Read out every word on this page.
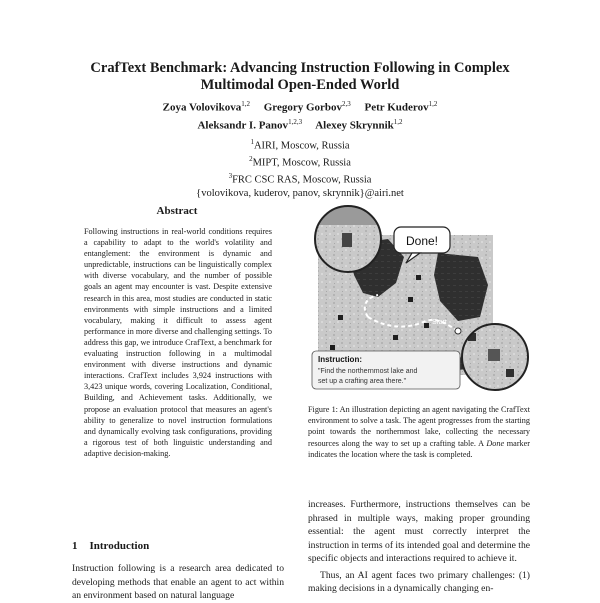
CrafText Benchmark: Advancing Instruction Following in Complex
Multimodal Open-Ended World
Zoya Volovikova$^{1,2}$ Gregory Gorbov$^{2,3}$ Petr Kuderov$^{1,2}$
Aleksandr I. Panov$^{1,2,3}$ Alexey Skrynnik$^{1,2}$
$^1$AIRI, Moscow, Russia
$^2$MIPT, Moscow, Russia
$^3$FRC CSC RAS, Moscow, Russia
{volovikova, kuderov, panov, skrynnik}@airi.net
Abstract
Following instructions in real-world conditions requires a capability to adapt to the world's volatility and entanglement: the environment is dynamic and unpredictable, instructions can be linguistically complex with diverse vocabulary, and the number of possible goals an agent may encounter is vast. Despite extensive research in this area, most studies are conducted in static environments with simple instructions and a limited vocabulary, making it difficult to assess agent performance in more diverse and challenging settings. To address this gap, we introduce CrafText, a benchmark for evaluating instruction following in a multimodal environment with diverse instructions and dynamic interactions. CrafText includes 3,924 instructions with 3,423 unique words, covering Localization, Conditional, Building, and Achievement tasks. Additionally, we propose an evaluation protocol that measures an agent's ability to generalize to novel instruction formulations and dynamically evolving task configurations, providing a rigorous test of both linguistic understanding and adaptive decision-making.
1 Introduction
Instruction following is a research area dedicated to developing methods that enable an agent to act within an environment based on natural language
Start
Done!
Instruction:
"Find the northernmost lake and
set up a crafting area there."
Figure 1: An illustration depicting an agent navigating the CrafText environment to solve a task. The agent progresses from the starting point towards the northernmost lake, collecting the necessary resources along the way to set up a crafting table. A Done marker indicates the location where the task is completed.

increases. Furthermore, instructions themselves can be phrased in multiple ways, making proper grounding essential: the agent must correctly interpret the instruction in terms of its intended goal and determine the specific objects and interactions required to achieve it.

Thus, an AI agent faces two primary challenges: (1) making decisions in a dynamically changing en-
